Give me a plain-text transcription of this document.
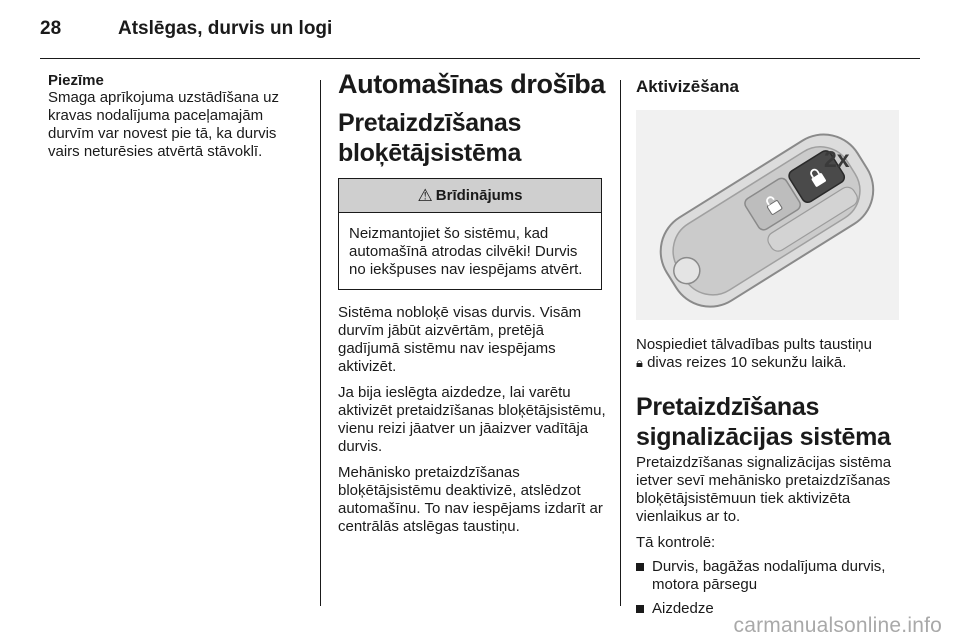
28	Atslēgas, durvis un logi
Piezīme
Smaga aprīkojuma uzstādīšana uz kravas nodalījuma paceļamajām durvīm var novest pie tā, ka durvis vairs neturēsies atvērtā stāvoklī.
Automašīnas drošība
Pretaizdzīšanas bloķētājsistēma
⚠ Brīdinājums
Neizmantojiet šo sistēmu, kad automašīnā atrodas cilvēki! Durvis no iekšpuses nav iespējams atvērt.
Sistēma nobloķē visas durvis. Visām durvīm jābūt aizvērtām, pretējā gadījumā sistēmu nav iespējams aktivizēt.
Ja bija ieslēgta aizdedze, lai varētu aktivizēt pretaidzīšanas bloķētājsistēmu, vienu reizi jāatver un jāaizver vadītāja durvis.
Mehānisko pretaizdzīšanas bloķētājsistēmu deaktivizē, atslēdzot automašīnu. To nav iespējams izdarīt ar centrālās atslēgas taustiņu.
Aktivizēšana
2x
Nospiediet tālvadības pults taustiņu
🔒︎ divas reizes 10 sekunžu laikā.
Pretaizdzīšanas signalizācijas sistēma
Pretaizdzīšanas signalizācijas sistēma ietver sevī mehānisko pretaizdzīšanas bloķētājsistēmuun tiek aktivizēta vienlaikus ar to.
Tā kontrolē:
Durvis, bagāžas nodalījuma durvis, motora pārsegu
Aizdedze
carmanualsonline.info
